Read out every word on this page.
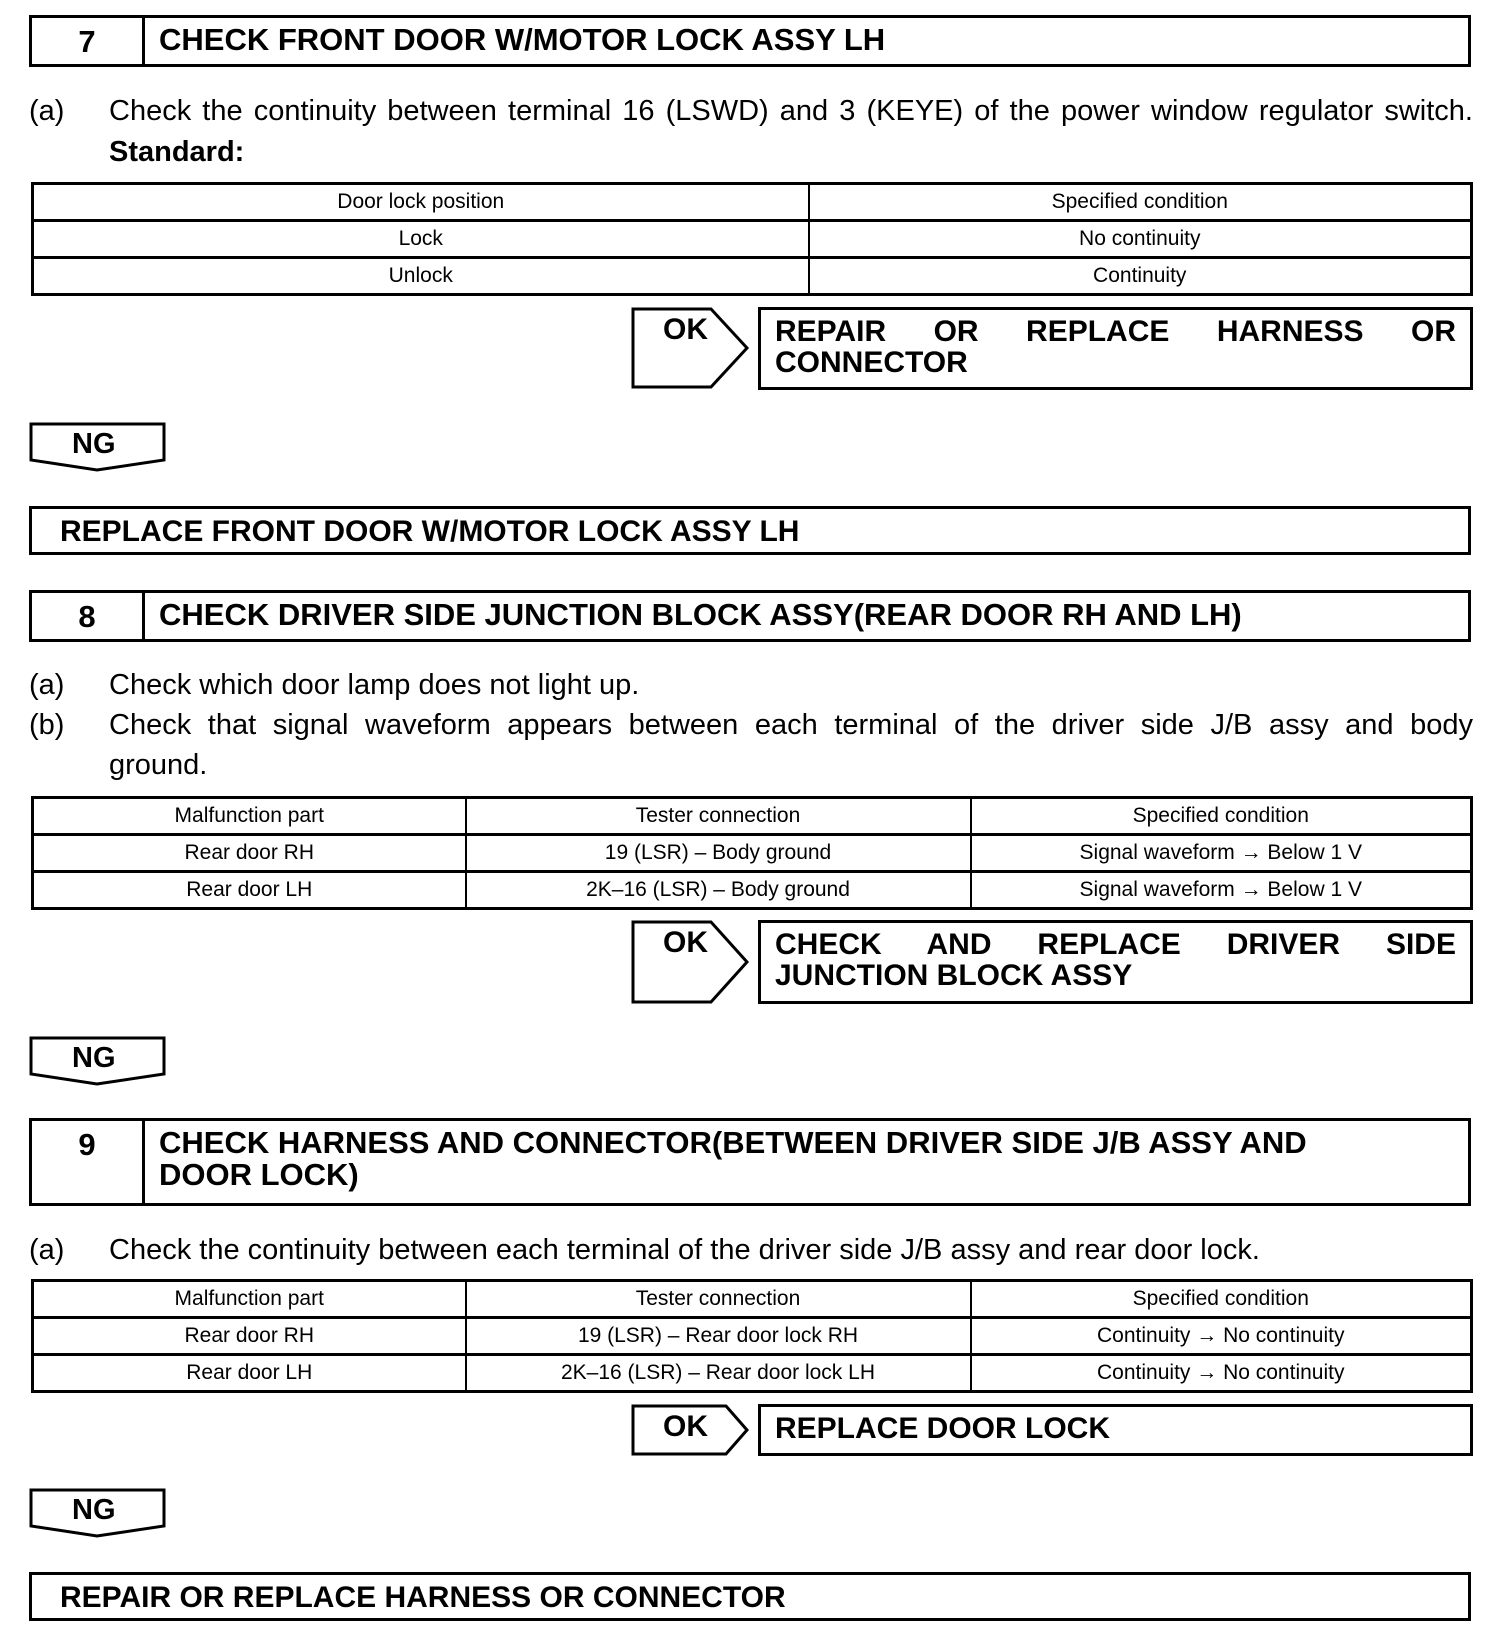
7	CHECK FRONT DOOR W/MOTOR LOCK ASSY LH
(a)	Check the continuity between terminal 16 (LSWD) and 3 (KEYE) of the power window regulator switch.
Standard:
Door lock position	Specified condition
Lock	No continuity
Unlock	Continuity
OK REPAIR OR REPLACE HARNESS OR
CONNECTOR
NG
REPLACE FRONT DOOR W/MOTOR LOCK ASSY LH
8	CHECK DRIVER SIDE JUNCTION BLOCK ASSY(REAR DOOR RH AND LH)
(a)	Check which door lamp does not light up.
(b)	Check that signal waveform appears between each terminal of the driver side J/B assy and body
ground.
Malfunction part	Tester connection	Specified condition
Rear door RH	19 (LSR) – Body ground	Signal waveform → Below 1 V
Rear door LH	2K–16 (LSR) – Body ground	Signal waveform → Below 1 V
OK CHECK AND REPLACE DRIVER SIDE
JUNCTION BLOCK ASSY
NG
9	CHECK HARNESS AND CONNECTOR(BETWEEN DRIVER SIDE J/B ASSY AND
DOOR LOCK)
(a)	Check the continuity between each terminal of the driver side J/B assy and rear door lock.
Malfunction part	Tester connection	Specified condition
Rear door RH	19 (LSR) – Rear door lock RH	Continuity → No continuity
Rear door LH	2K–16 (LSR) – Rear door lock LH	Continuity → No continuity
OK	REPLACE DOOR LOCK
NG
REPAIR OR REPLACE HARNESS OR CONNECTOR
